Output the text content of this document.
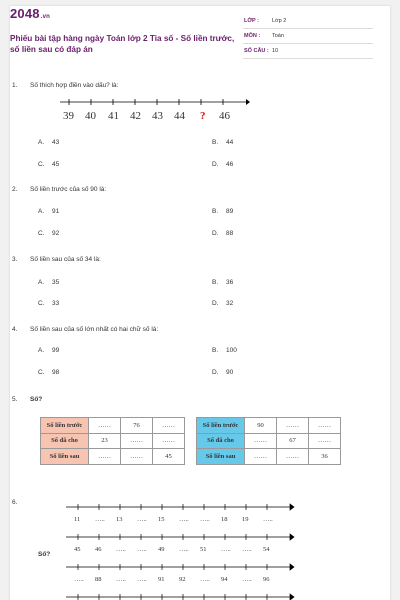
2048.vn
Phiếu bài tập hàng ngày Toán lớp 2 Tia số - Số liền trước, số liền sau có đáp án
LỚP : Lớp 2
MÔN : Toán
SỐ CÂU : 10
1. Số thích hợp điền vào dấu? là:
39 40 41 42 43 44 ? 46
A. 43	B. 44
C. 45	D. 46
2. Số liền trước của số 90 là:
A. 91	B. 89
C. 92	D. 88
3. Số liền sau của số 34 là:
A. 35	B. 36
C. 33	D. 32
4. Số liền sau của số lớn nhất có hai chữ số là:
A. 99	B. 100
C. 98	D. 90
5. Số?
Số liền trước	……	76	……
Số đã cho	23	……	……
Số liền sau	……	……	45
Số liền trước	90	……	……
Số đã cho	……	67	……
Số liền sau	……	……	36
6.
Số?
11 ….. 13 ….. 15 ….. ….. 18 19 …..
45 46 ….. ….. 49 ….. 51 ….. ….. 54
….. 88 ….. ….. 91 92 ….. 94 ….. 96
